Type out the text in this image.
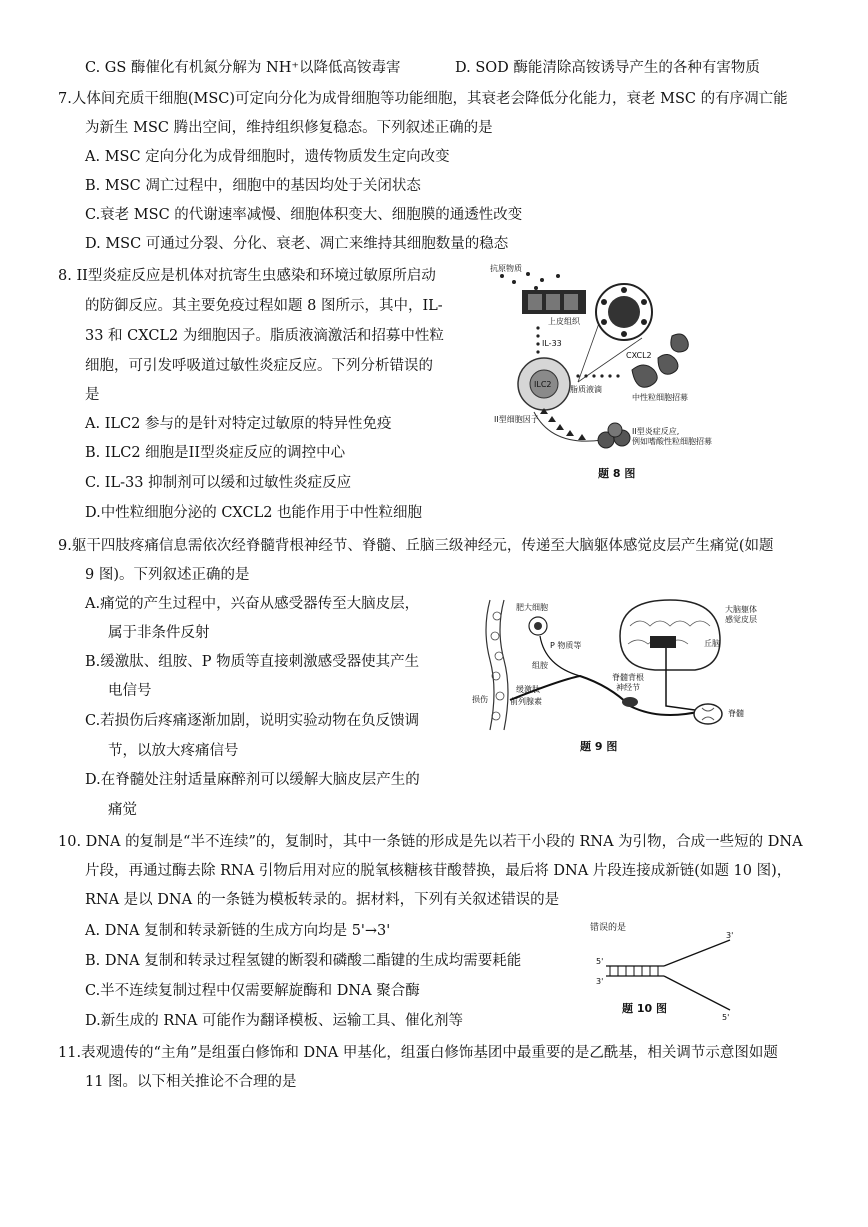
C. GS 酶催化有机氮分解为 NH⁺以降低高铵毒害	D. SOD 酶能清除高铵诱导产生的各种有害物质
7.人体间充质干细胞(MSC)可定向分化为成骨细胞等功能细胞，其衰老会降低分化能力，衰老 MSC 的有序凋亡能
为新生 MSC 腾出空间，维持组织修复稳态。下列叙述正确的是
A. MSC 定向分化为成骨细胞时，遗传物质发生定向改变
B. MSC 凋亡过程中，细胞中的基因均处于关闭状态
C.衰老 MSC 的代谢速率减慢、细胞体积变大、细胞膜的通透性改变
D. MSC 可通过分裂、分化、衰老、凋亡来维持其细胞数量的稳态
8. II型炎症反应是机体对抗寄生虫感染和环境过敏原所启动
的防御反应。其主要免疫过程如题 8 图所示，其中，IL-
33 和 CXCL2 为细胞因子。脂质液滴激活和招募中性粒
细胞，可引发呼吸道过敏性炎症反应。下列分析错误的
是
A. ILC2 参与的是针对特定过敏原的特异性免疫
B. ILC2 细胞是II型炎症反应的调控中心
C. IL-33 抑制剂可以缓和过敏性炎症反应
D.中性粒细胞分泌的 CXCL2 也能作用于中性粒细胞
抗原物质
上皮组织
IL-33
ILC2
CXCL2
脂质液滴
中性粒细胞招募
II型细胞因子
II型炎症反应,
例如嗜酸性粒细胞招募
题 8 图
9.躯干四肢疼痛信息需依次经脊髓背根神经节、脊髓、丘脑三级神经元，传递至大脑躯体感觉皮层产生痛觉(如题
9 图)。下列叙述正确的是
A.痛觉的产生过程中，兴奋从感受器传至大脑皮层，
属于非条件反射
B.缓激肽、组胺、P 物质等直接刺激感受器使其产生
电信号
C.若损伤后疼痛逐渐加剧，说明实验动物在负反馈调
节，以放大疼痛信号
D.在脊髓处注射适量麻醉剂可以缓解大脑皮层产生的
痛觉
肥大细胞
P 物质等
组胺
损伤
缓激肽
前列腺素
脊髓背根
神经节
大脑躯体
感觉皮层
丘脑
脊髓
题 9 图
10. DNA 的复制是“半不连续”的，复制时，其中一条链的形成是先以若干小段的 RNA 为引物，合成一些短的 DNA
片段，再通过酶去除 RNA 引物后用对应的脱氧核糖核苷酸替换，最后将 DNA 片段连接成新链(如题 10 图)，
RNA 是以 DNA 的一条链为模板转录的。据材料，下列有关叙述错误的是
A. DNA 复制和转录新链的生成方向均是 5'→3'
B. DNA 复制和转录过程氢键的断裂和磷酸二酯键的生成均需要耗能
C.半不连续复制过程中仅需要解旋酶和 DNA 聚合酶
D.新生成的 RNA 可能作为翻译模板、运输工具、催化剂等
错误的是
3'
5'
3'
5'
题 10 图
11.表观遗传的“主角”是组蛋白修饰和 DNA 甲基化，组蛋白修饰基团中最重要的是乙酰基，相关调节示意图如题
11 图。以下相关推论不合理的是
